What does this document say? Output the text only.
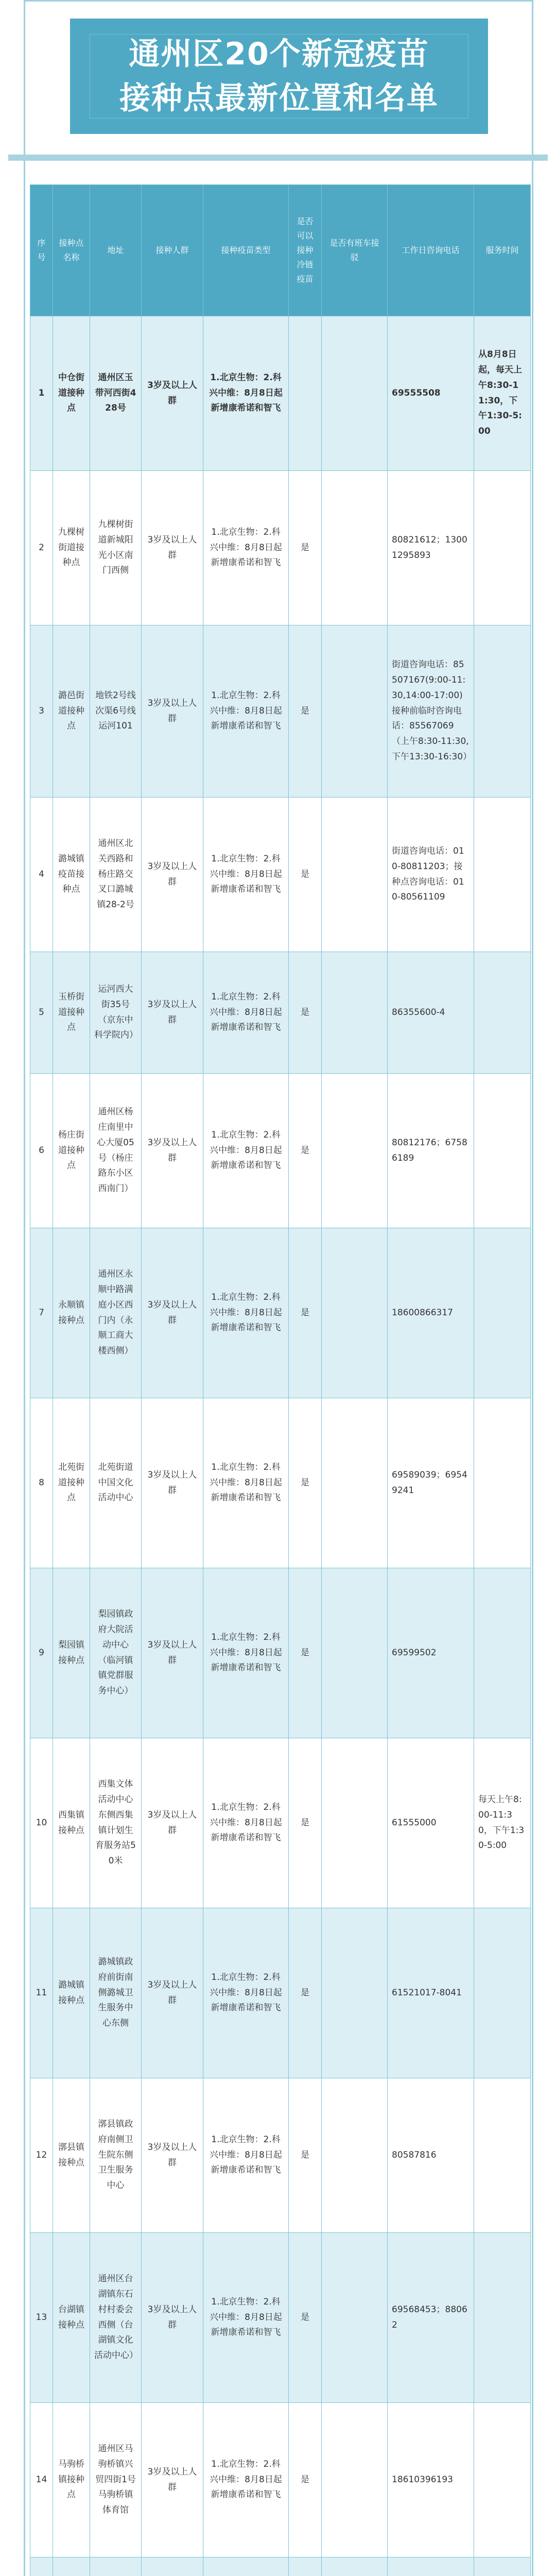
通州区20个新冠疫苗
接种点最新位置和名单
序号	接种点名称	地址	接种人群	接种疫苗类型	是否可以接种冷链疫苗	是否有班车接驳	工作日咨询电话	服务时间
1	中仓街道接种点	通州区玉带河西街428号	3岁及以上人群	1.北京生物：2.科兴中维：8月8日起新增康希诺和智飞			69555508	从8月8日起，每天上午8:30-11:30，下午1:30-5:00
2	九棵树街道接种点	九棵树街道新城阳光小区南门西侧	3岁及以上人群	1.北京生物：2.科兴中维：8月8日起新增康希诺和智飞	是		80821612；13001295893	
3	潞邑街道接种点	地铁2号线次渠6号线运河101	3岁及以上人群	1.北京生物：2.科兴中维：8月8日起新增康希诺和智飞	是		街道咨询电话：85507167(9:00-11:30,14:00-17:00)接种前临时咨询电话：85567069（上午8:30-11:30,下午13:30-16:30）	
4	潞城镇疫苗接种点	通州区北关西路和杨庄路交叉口潞城镇28-2号	3岁及以上人群	1.北京生物：2.科兴中维：8月8日起新增康希诺和智飞	是		街道咨询电话：010-80811203；接种点咨询电话：010-80561109	
5	玉桥街道接种点	运河西大街35号（京东中科学院内）	3岁及以上人群	1.北京生物：2.科兴中维：8月8日起新增康希诺和智飞	是		86355600-4	
6	杨庄街道接种点	通州区杨庄南里中心大厦05号（杨庄路东小区西南门）	3岁及以上人群	1.北京生物：2.科兴中维：8月8日起新增康希诺和智飞	是		80812176；67586189	
7	永顺镇接种点	通州区永顺中路满庭小区西门内（永顺工商大楼西侧）	3岁及以上人群	1.北京生物：2.科兴中维：8月8日起新增康希诺和智飞	是		18600866317	
8	北苑街道接种点	北苑街道中国文化活动中心	3岁及以上人群	1.北京生物：2.科兴中维：8月8日起新增康希诺和智飞	是		69589039；69549241	
9	梨园镇接种点	梨园镇政府大院活动中心（临河镇镇党群服务中心）	3岁及以上人群	1.北京生物：2.科兴中维：8月8日起新增康希诺和智飞	是		69599502	
10	西集镇接种点	西集文体活动中心东侧西集镇计划生育服务站50米	3岁及以上人群	1.北京生物：2.科兴中维：8月8日起新增康希诺和智飞	是		61555000	每天上午8:00-11:30，下午1:30-5:00
11	潞城镇接种点	潞城镇政府前街南侧潞城卫生服务中心东侧	3岁及以上人群	1.北京生物：2.科兴中维：8月8日起新增康希诺和智飞	是		61521017-8041	
12	漷县镇接种点	漷县镇政府南侧卫生院东侧卫生服务中心	3岁及以上人群	1.北京生物：2.科兴中维：8月8日起新增康希诺和智飞	是		80587816	
13	台湖镇接种点	通州区台湖镇东石村村委会西侧（台湖镇文化活动中心）	3岁及以上人群	1.北京生物：2.科兴中维：8月8日起新增康希诺和智飞	是		69568453；88062	
14	马驹桥镇接种点	通州区马驹桥镇兴贸四街1号马驹桥镇体育馆	3岁及以上人群	1.北京生物：2.科兴中维：8月8日起新增康希诺和智飞	是		18610396193	
